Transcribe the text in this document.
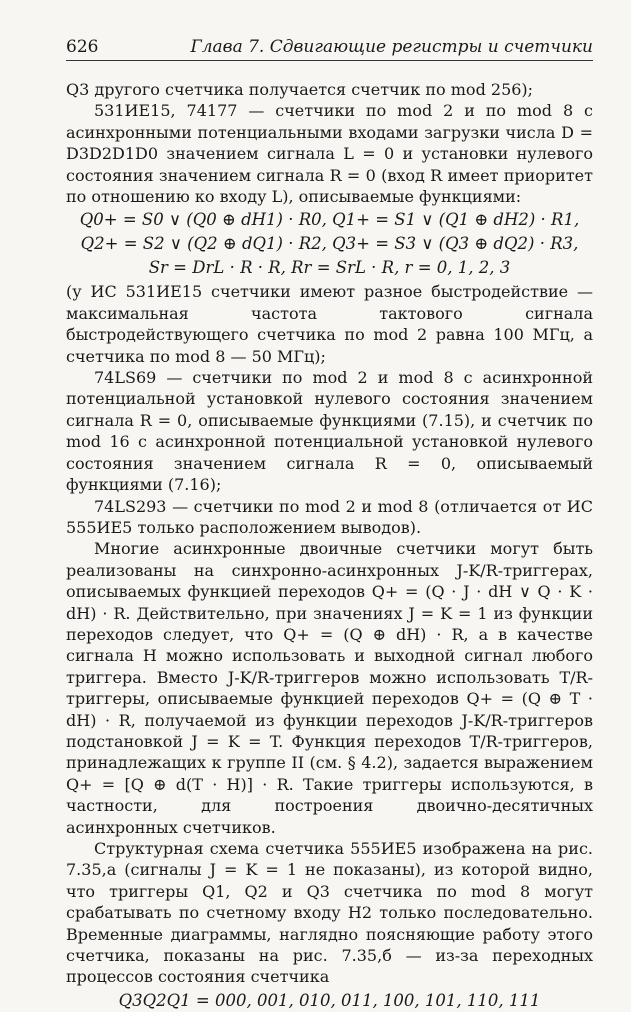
626	Глава 7. Сдвигающие регистры и счетчики

Q3 другого счетчика получается счетчик по mod 256);

531ИЕ15, 74177 — счетчики по mod 2 и по mod 8 с асинхронными потенциальными входами загрузки числа D = D3D2D1D0 значением сигнала L = 0 и установки нулевого состояния значением сигнала R = 0 (вход R имеет приоритет по отношению ко входу L), описываемые функциями:

Q0+ = S0 ∨ (Q0 ⊕ dH1) · R0, Q1+ = S1 ∨ (Q1 ⊕ dH2) · R1,
Q2+ = S2 ∨ (Q2 ⊕ dQ1) · R2, Q3+ = S3 ∨ (Q3 ⊕ dQ2) · R3,
Sr = DrL · R · R, Rr = SrL · R, r = 0, 1, 2, 3

(у ИС 531ИЕ15 счетчики имеют разное быстродействие — максимальная частота тактового сигнала быстродействующего счетчика по mod 2 равна 100 МГц, а счетчика по mod 8 — 50 МГц);

74LS69 — счетчики по mod 2 и mod 8 с асинхронной потенциальной установкой нулевого состояния значением сигнала R = 0, описываемые функциями (7.15), и счетчик по mod 16 с асинхронной потенциальной установкой нулевого состояния значением сигнала R = 0, описываемый функциями (7.16);

74LS293 — счетчики по mod 2 и mod 8 (отличается от ИС 555ИЕ5 только расположением выводов).

Многие асинхронные двоичные счетчики могут быть реализованы на синхронно-асинхронных J-K/R-триггерах, описываемых функцией переходов Q+ = (Q · J · dH ∨ Q · K · dH) · R. Действительно, при значениях J = K = 1 из функции переходов следует, что Q+ = (Q ⊕ dH) · R, а в качестве сигнала H можно использовать и выходной сигнал любого триггера. Вместо J-K/R-триггеров можно использовать T/R-триггеры, описываемые функцией переходов Q+ = (Q ⊕ T · dH) · R, получаемой из функции переходов J-K/R-триггеров подстановкой J = K = T. Функция переходов T/R-триггеров, принадлежащих к группе II (см. § 4.2), задается выражением Q+ = [Q ⊕ d(T · H)] · R. Такие триггеры используются, в частности, для построения двоично-десятичных асинхронных счетчиков.

Структурная схема счетчика 555ИЕ5 изображена на рис. 7.35,а (сигналы J = K = 1 не показаны), из которой видно, что триггеры Q1, Q2 и Q3 счетчика по mod 8 могут срабатывать по счетному входу H2 только последовательно. Временные диаграммы, наглядно поясняющие работу этого счетчика, показаны на рис. 7.35,б — из-за переходных процессов состояния счетчика

Q3Q2Q1 = 000, 001, 010, 011, 100, 101, 110, 111
